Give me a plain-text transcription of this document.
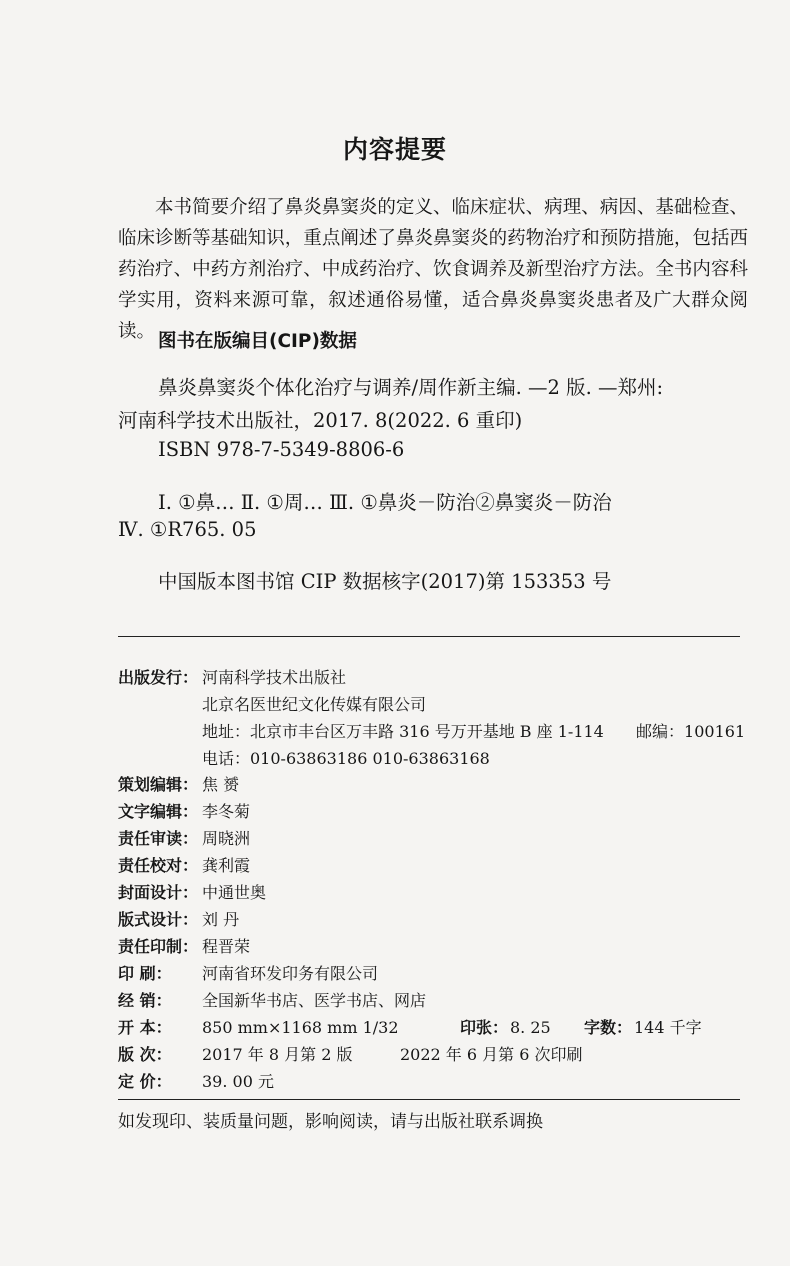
内容提要

本书简要介绍了鼻炎鼻窦炎的定义、临床症状、病理、病因、基础检查、临床诊断等基础知识，重点阐述了鼻炎鼻窦炎的药物治疗和预防措施，包括西药治疗、中药方剂治疗、中成药治疗、饮食调养及新型治疗方法。全书内容科学实用，资料来源可靠，叙述通俗易懂，适合鼻炎鼻窦炎患者及广大群众阅读。 图书在版编目(CIP)数据
鼻炎鼻窦炎个体化治疗与调养/周作新主编. —2 版. —郑州:
河南科学技术出版社，2017. 8(2022. 6 重印)
ISBN 978-7-5349-8806-6
Ⅰ. ①鼻… Ⅱ. ①周… Ⅲ. ①鼻炎－防治②鼻窦炎－防治
Ⅳ. ①R765. 05
中国版本图书馆 CIP 数据核字(2017)第 153353 号
出版发行： 河南科学技术出版社
北京名医世纪文化传媒有限公司
地址：北京市丰台区万丰路 316 号万开基地 B 座 1-114 邮编：100161
电话：010-63863186 010-63863168
策划编辑： 焦 赟
文字编辑： 李冬菊
责任审读： 周晓洲
责任校对： 龚利霞
封面设计： 中通世奥
版式设计： 刘 丹
责任印制： 程晋荣
印 刷： 河南省环发印务有限公司
经 销： 全国新华书店、医学书店、网店
开 本： 850 mm×1168 mm 1/32	印张： 8. 25 字数： 144 千字
版 次： 2017 年 8 月第 2 版	2022 年 6 月第 6 次印刷
定 价： 39. 00 元
如发现印、装质量问题，影响阅读，请与出版社联系调换
